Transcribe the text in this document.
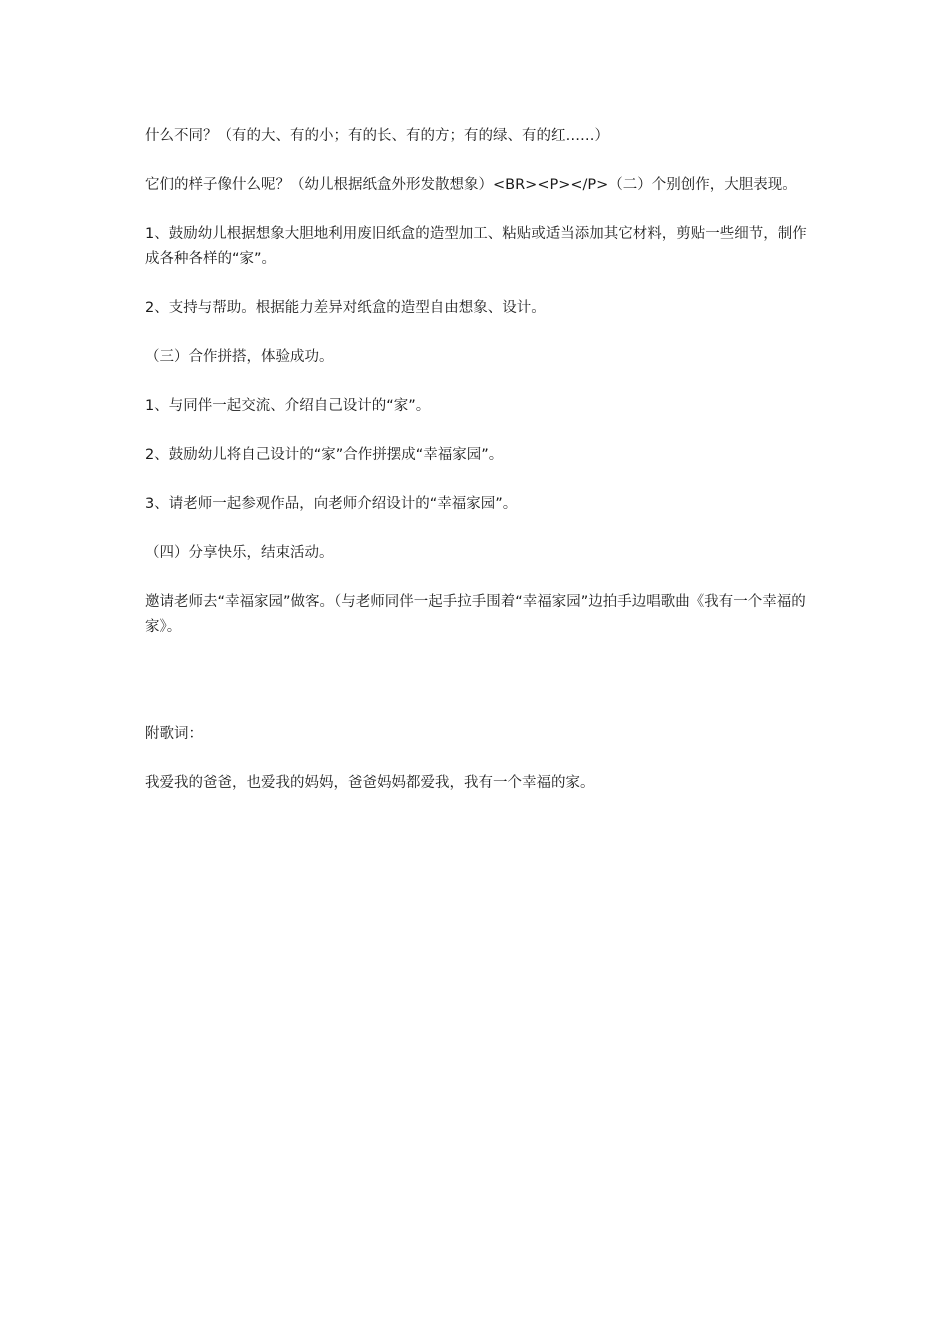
什么不同？（有的大、有的小；有的长、有的方；有的绿、有的红……）

它们的样子像什么呢？（幼儿根据纸盒外形发散想象）<BR><P></P>（二）个别创作，大胆表现。

1、鼓励幼儿根据想象大胆地利用废旧纸盒的造型加工、粘贴或适当添加其它材料，剪贴一些细节，制作成各种各样的“家”。

2、支持与帮助。根据能力差异对纸盒的造型自由想象、设计。

（三）合作拼搭，体验成功。

1、与同伴一起交流、介绍自己设计的“家”。

2、鼓励幼儿将自己设计的“家”合作拼摆成“幸福家园”。

3、请老师一起参观作品，向老师介绍设计的“幸福家园”。

（四）分享快乐，结束活动。

邀请老师去“幸福家园”做客。（与老师同伴一起手拉手围着“幸福家园”边拍手边唱歌曲《我有一个幸福的家》。

附歌词：

我爱我的爸爸，也爱我的妈妈，爸爸妈妈都爱我，我有一个幸福的家。
